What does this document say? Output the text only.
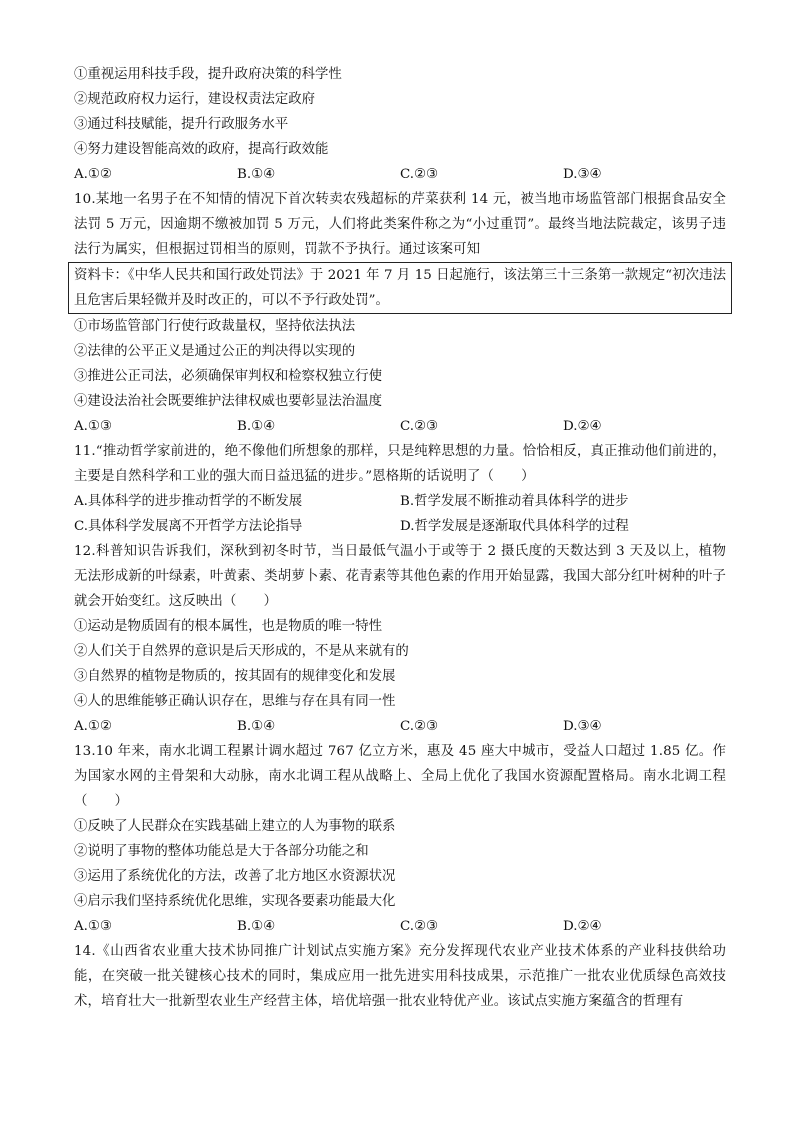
①重视运用科技手段，提升政府决策的科学性
②规范政府权力运行，建设权责法定政府
③通过科技赋能，提升行政服务水平
④努力建设智能高效的政府，提高行政效能
A.①②	B.①④	C.②③	D.③④
10.某地一名男子在不知情的情况下首次转卖农残超标的芹菜获利 14 元，被当地市场监管部门根据食品安全法罚 5 万元，因逾期不缴被加罚 5 万元，人们将此类案件称之为“小过重罚”。最终当地法院裁定，该男子违法行为属实，但根据过罚相当的原则，罚款不予执行。通过该案可知
资料卡：《中华人民共和国行政处罚法》于 2021 年 7 月 15 日起施行，该法第三十三条第一款规定“初次违法且危害后果轻微并及时改正的，可以不予行政处罚”。
①市场监管部门行使行政裁量权，坚持依法执法
②法律的公平正义是通过公正的判决得以实现的
③推进公正司法，必须确保审判权和检察权独立行使
④建设法治社会既要维护法律权威也要彰显法治温度
A.①③	B.①④	C.②③	D.②④
11.“推动哲学家前进的，绝不像他们所想象的那样，只是纯粹思想的力量。恰恰相反，真正推动他们前进的，主要是自然科学和工业的强大而日益迅猛的进步。”恩格斯的话说明了（　　）
A.具体科学的进步推动哲学的不断发展	B.哲学发展不断推动着具体科学的进步
C.具体科学发展离不开哲学方法论指导	D.哲学发展是逐渐取代具体科学的过程
12.科普知识告诉我们，深秋到初冬时节，当日最低气温小于或等于 2 摄氏度的天数达到 3 天及以上，植物无法形成新的叶绿素，叶黄素、类胡萝卜素、花青素等其他色素的作用开始显露，我国大部分红叶树种的叶子就会开始变红。这反映出（　　）
①运动是物质固有的根本属性，也是物质的唯一特性
②人们关于自然界的意识是后天形成的，不是从来就有的
③自然界的植物是物质的，按其固有的规律变化和发展
④人的思维能够正确认识存在，思维与存在具有同一性
A.①②	B.①④	C.②③	D.③④
13.10 年来，南水北调工程累计调水超过 767 亿立方米，惠及 45 座大中城市，受益人口超过 1.85 亿。作为国家水网的主骨架和大动脉，南水北调工程从战略上、全局上优化了我国水资源配置格局。南水北调工程（　　）
①反映了人民群众在实践基础上建立的人为事物的联系
②说明了事物的整体功能总是大于各部分功能之和
③运用了系统优化的方法，改善了北方地区水资源状况
④启示我们坚持系统优化思维，实现各要素功能最大化
A.①③	B.①④	C.②③	D.②④
14.《山西省农业重大技术协同推广计划试点实施方案》充分发挥现代农业产业技术体系的产业科技供给功能，在突破一批关键核心技术的同时，集成应用一批先进实用科技成果，示范推广一批农业优质绿色高效技术，培育壮大一批新型农业生产经营主体，培优培强一批农业特优产业。该试点实施方案蕴含的哲理有
